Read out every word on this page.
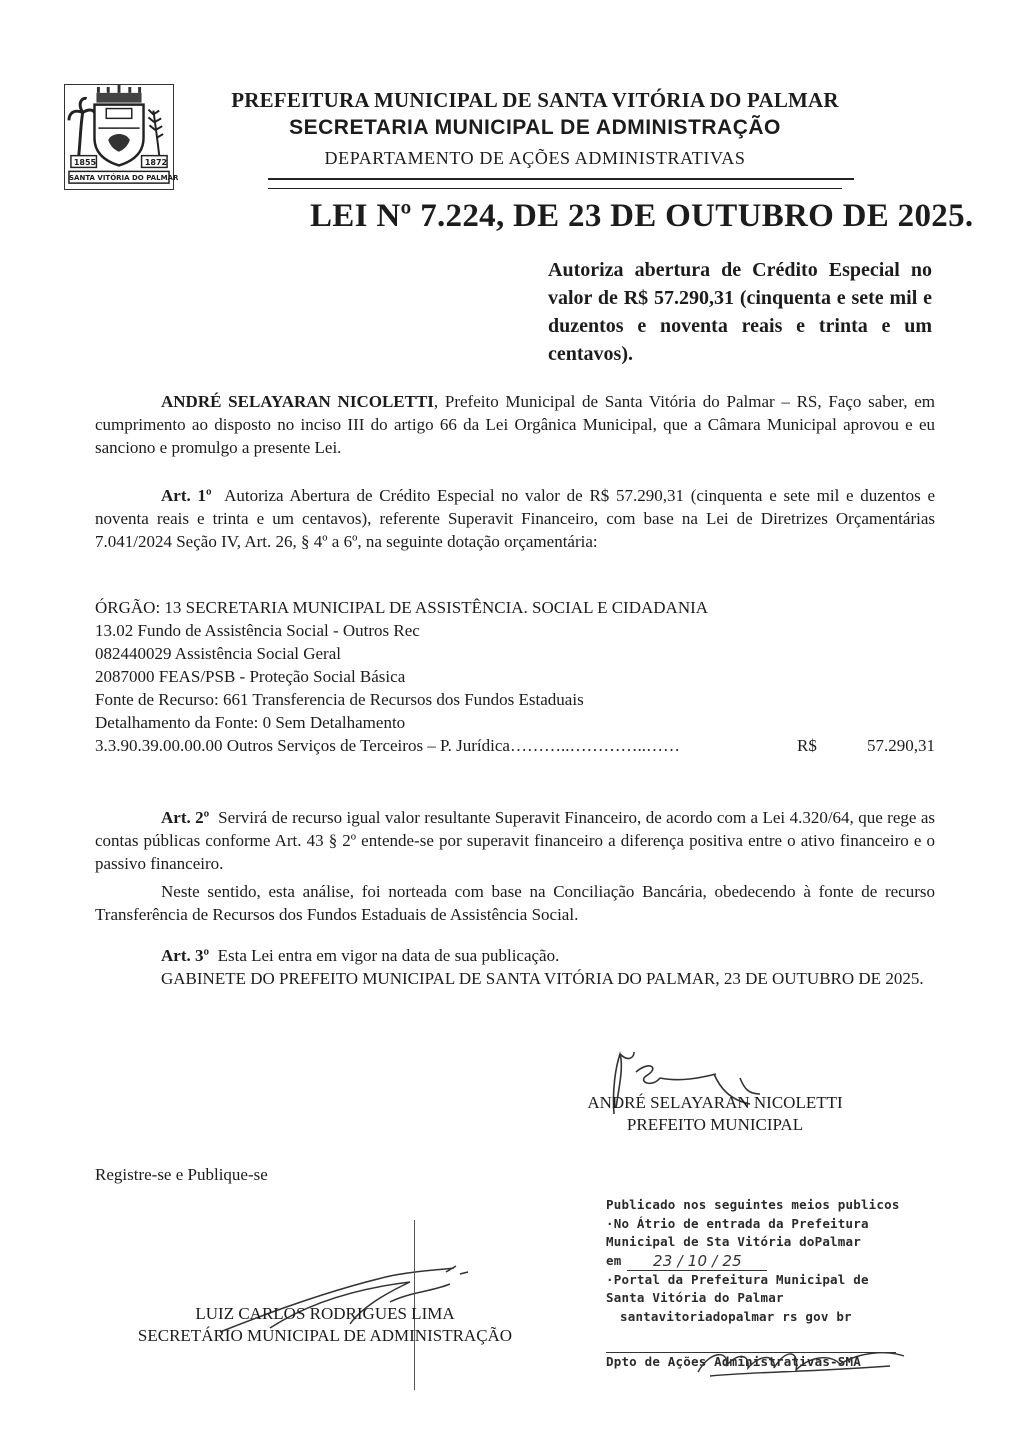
1855	1872
SANTA VITÓRIA DO PALMAR
PREFEITURA MUNICIPAL DE SANTA VITÓRIA DO PALMAR
SECRETARIA MUNICIPAL DE ADMINISTRAÇÃO
DEPARTAMENTO DE AÇÕES ADMINISTRATIVAS
LEI Nº 7.224, DE 23 DE OUTUBRO DE 2025.
Autoriza abertura de Crédito Especial no valor de R$ 57.290,31 (cinquenta e sete mil e duzentos e noventa reais e trinta e um centavos).
ANDRÉ SELAYARAN NICOLETTI, Prefeito Municipal de Santa Vitória do Palmar – RS, Faço saber, em cumprimento ao disposto no inciso III do artigo 66 da Lei Orgânica Municipal, que a Câmara Municipal aprovou e eu sanciono e promulgo a presente Lei.
Art. 1º Autoriza Abertura de Crédito Especial no valor de R$ 57.290,31 (cinquenta e sete mil e duzentos e noventa reais e trinta e um centavos), referente Superavit Financeiro, com base na Lei de Diretrizes Orçamentárias 7.041/2024 Seção IV, Art. 26, § 4º a 6º, na seguinte dotação orçamentária:
ÓRGÃO: 13 SECRETARIA MUNICIPAL DE ASSISTÊNCIA. SOCIAL E CIDADANIA
13.02 Fundo de Assistência Social - Outros Rec
082440029 Assistência Social Geral
2087000 FEAS/PSB - Proteção Social Básica
Fonte de Recurso: 661 Transferencia de Recursos dos Fundos Estaduais
Detalhamento da Fonte: 0 Sem Detalhamento
3.3.90.39.00.00.00 Outros Serviços de Terceiros – P. Jurídica ………..…………..……	R$	57.290,31
Art. 2º Servirá de recurso igual valor resultante Superavit Financeiro, de acordo com a Lei 4.320/64, que rege as contas públicas conforme Art. 43 § 2º entende-se por superavit financeiro a diferença positiva entre o ativo financeiro e o passivo financeiro.
Neste sentido, esta análise, foi norteada com base na Conciliação Bancária, obedecendo à fonte de recurso Transferência de Recursos dos Fundos Estaduais de Assistência Social.
Art. 3º Esta Lei entra em vigor na data de sua publicação.
GABINETE DO PREFEITO MUNICIPAL DE SANTA VITÓRIA DO PALMAR, 23 DE OUTUBRO DE 2025.
ANDRÉ SELAYARAN NICOLETTI
PREFEITO MUNICIPAL
Registre-se e Publique-se
LUIZ CARLOS RODRIGUES LIMA
SECRETÁRIO MUNICIPAL DE ADMINISTRAÇÃO
Publicado nos seguintes meios publicos
·No Átrio de entrada da Prefeitura
Municipal de Sta Vitória doPalmar
em	23 / 10 / 25
·Portal da Prefeitura Municipal de
Santa Vitória do Palmar
santavitoriadopalmar rs gov br
Dpto de Ações Administrativas-SMA
